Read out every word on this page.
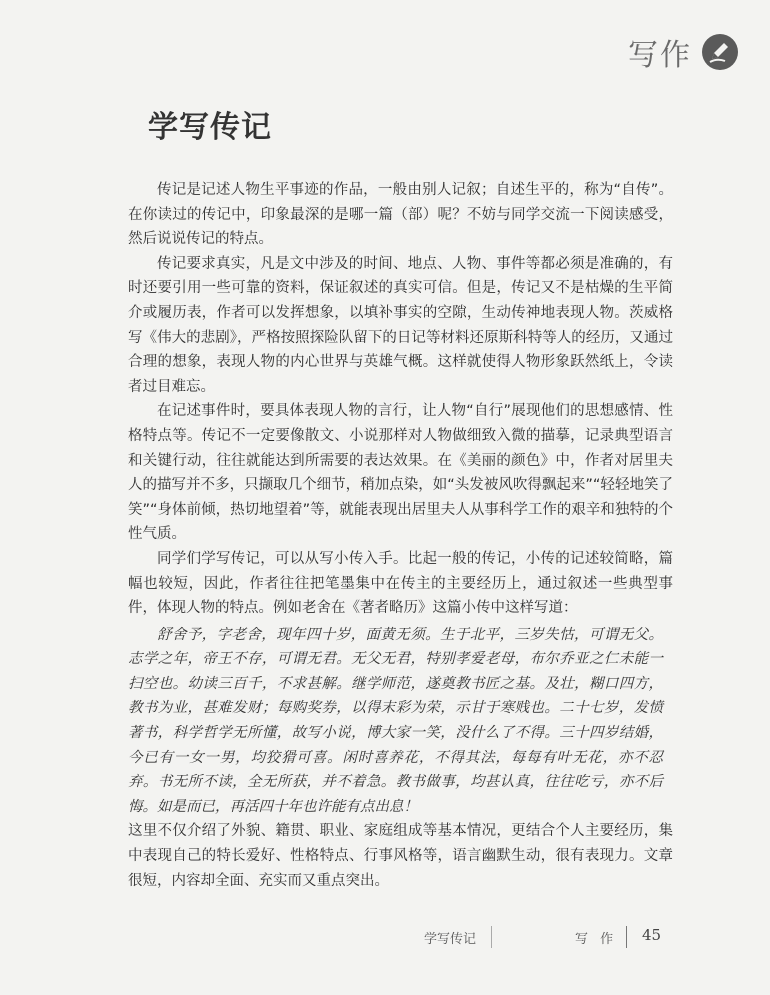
写作
学写传记

传记是记述人物生平事迹的作品，一般由别人记叙；自述生平的，称为“自传”。在你读过的传记中，印象最深的是哪一篇（部）呢？不妨与同学交流一下阅读感受，然后说说传记的特点。

传记要求真实，凡是文中涉及的时间、地点、人物、事件等都必须是准确的，有时还要引用一些可靠的资料，保证叙述的真实可信。但是，传记又不是枯燥的生平简介或履历表，作者可以发挥想象，以填补事实的空隙，生动传神地表现人物。茨威格写《伟大的悲剧》，严格按照探险队留下的日记等材料还原斯科特等人的经历，又通过合理的想象，表现人物的内心世界与英雄气概。这样就使得人物形象跃然纸上，令读者过目难忘。

在记述事件时，要具体表现人物的言行，让人物“自行”展现他们的思想感情、性格特点等。传记不一定要像散文、小说那样对人物做细致入微的描摹，记录典型语言和关键行动，往往就能达到所需要的表达效果。在《美丽的颜色》中，作者对居里夫人的描写并不多，只撷取几个细节，稍加点染，如“头发被风吹得飘起来”“轻轻地笑了笑”“身体前倾，热切地望着”等，就能表现出居里夫人从事科学工作的艰辛和独特的个性气质。

同学们学写传记，可以从写小传入手。比起一般的传记，小传的记述较简略，篇幅也较短，因此，作者往往把笔墨集中在传主的主要经历上，通过叙述一些典型事件，体现人物的特点。例如老舍在《著者略历》这篇小传中这样写道：

舒舍予，字老舍，现年四十岁，面黄无须。生于北平，三岁失怙，可谓无父。志学之年，帝王不存，可谓无君。无父无君，特别孝爱老母，布尔乔亚之仁未能一扫空也。幼读三百千，不求甚解。继学师范，遂奠教书匠之基。及壮，糊口四方，教书为业，甚难发财；每购奖券，以得末彩为荣，示甘于寒贱也。二十七岁，发愤著书，科学哲学无所懂，故写小说，博大家一笑，没什么了不得。三十四岁结婚，今已有一女一男，均狡猾可喜。闲时喜养花，不得其法，每每有叶无花，亦不忍弃。书无所不读，全无所获，并不着急。教书做事，均甚认真，往往吃亏，亦不后悔。如是而已，再活四十年也许能有点出息！

这里不仅介绍了外貌、籍贯、职业、家庭组成等基本情况，更结合个人主要经历，集中表现自己的特长爱好、性格特点、行事风格等，语言幽默生动，很有表现力。文章很短，内容却全面、充实而又重点突出。

学写传记	写 作 45
